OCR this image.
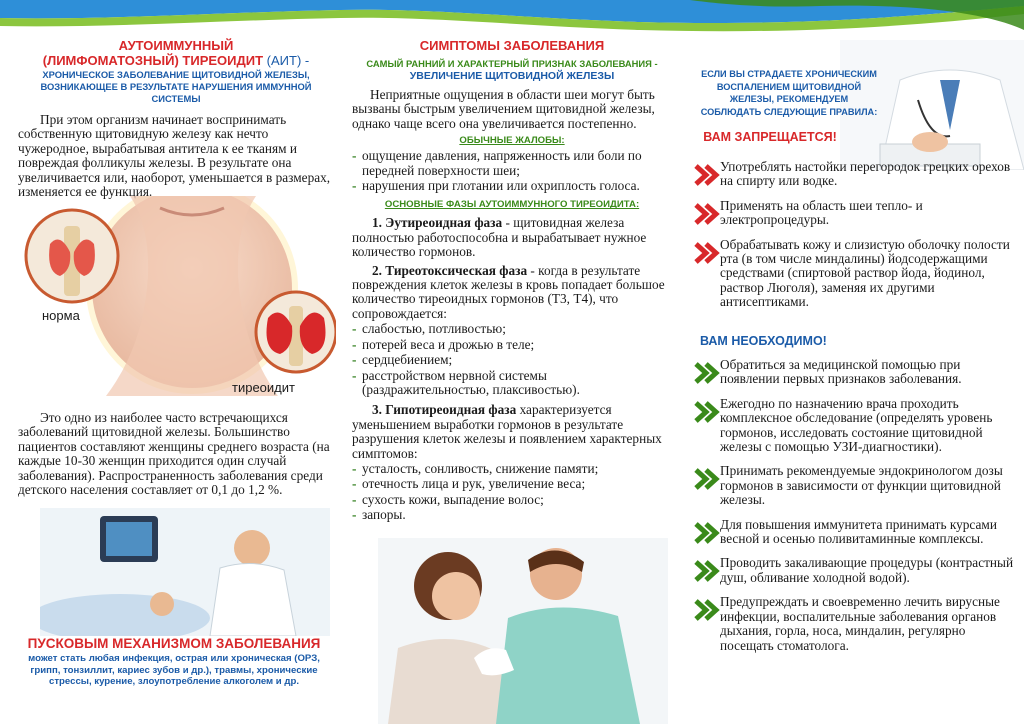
АУТОИММУННЫЙ
(ЛИМФОМАТОЗНЫЙ) ТИРЕОИДИТ (АИТ) -
ХРОНИЧЕСКОЕ ЗАБОЛЕВАНИЕ ЩИТОВИДНОЙ ЖЕЛЕЗЫ, ВОЗНИКАЮЩЕЕ В РЕЗУЛЬТАТЕ НАРУШЕНИЯ ИММУННОЙ СИСТЕМЫ

При этом организм начинает воспринимать собственную щитовидную железу как нечто чужеродное, вырабатывая антитела к ее тканям и повреждая фолликулы железы. В результате она увеличивается или, наоборот, уменьшается в размерах, изменяется ее функция.

норма
тиреоидит

Это одно из наиболее часто встречающихся заболеваний щитовидной железы. Большинство пациентов составляют женщины среднего возраста (на каждые 10-30 женщин приходится один случай заболевания). Распространенность заболевания среди детского населения составляет от 0,1 до 1,2 %.

ПУСКОВЫМ МЕХАНИЗМОМ ЗАБОЛЕВАНИЯ
может стать любая инфекция, острая или хроническая (ОРЗ, грипп, тонзиллит, кариес зубов и др.), травмы, хронические стрессы, курение, злоупотребление алкоголем и др.
СИМПТОМЫ ЗАБОЛЕВАНИЯ
САМЫЙ РАННИЙ И ХАРАКТЕРНЫЙ ПРИЗНАК ЗАБОЛЕВАНИЯ -
УВЕЛИЧЕНИЕ ЩИТОВИДНОЙ ЖЕЛЕЗЫ

Неприятные ощущения в области шеи могут быть вызваны быстрым увеличением щитовидной железы, однако чаще всего она увеличивается постепенно.

ОБЫЧНЫЕ ЖАЛОБЫ:
- ощущение давления, напряженность или боли по передней поверхности шеи;
- нарушения при глотании или охриплость голоса.
ОСНОВНЫЕ ФАЗЫ АУТОИММУННОГО ТИРЕОИДИТА:

1. Эутиреоидная фаза - щитовидная железа полностью работоспособна и вырабатывает нужное количество гормонов.

2. Тиреотоксическая фаза - когда в результате повреждения клеток железы в кровь попадает большое количество тиреоидных гормонов (Т3, Т4), что сопровождается:

- слабостью, потливостью;
- потерей веса и дрожью в теле;
- сердцебиением;
- расстройством нервной системы (раздражительностью, плаксивостью).

3. Гипотиреоидная фаза характеризуется уменьшением выработки гормонов в результате разрушения клеток железы и появлением характерных симптомов:

- усталость, сонливость, снижение памяти;
- отечность лица и рук, увеличение веса;
- сухость кожи, выпадение волос;
- запоры.
ЕСЛИ ВЫ СТРАДАЕТЕ ХРОНИЧЕСКИМ ВОСПАЛЕНИЕМ ЩИТОВИДНОЙ ЖЕЛЕЗЫ, РЕКОМЕНДУЕМ СОБЛЮДАТЬ СЛЕДУЮЩИЕ ПРАВИЛА:
ВАМ ЗАПРЕЩАЕТСЯ!
Употреблять настойки перегородок грецких орехов на спирту или водке.
Применять на область шеи тепло- и электропроцедуры.
Обрабатывать кожу и слизистую оболочку полости рта (в том числе миндалины) йодсодержащими средствами (спиртовой раствор йода, йодинол, раствор Люголя), заменяя их другими антисептиками.
ВАМ НЕОБХОДИМО!
Обратиться за медицинской помощью при появлении первых признаков заболевания.
Ежегодно по назначению врача проходить комплексное обследование (определять уровень гормонов, исследовать состояние щитовидной железы с помощью УЗИ-диагностики).
Принимать рекомендуемые эндокринологом дозы гормонов в зависимости от функции щитовидной железы.
Для повышения иммунитета принимать курсами весной и осенью поливитаминные комплексы.
Проводить закаливающие процедуры (контрастный душ, обливание холодной водой).
Предупреждать и своевременно лечить вирусные инфекции, воспалительные заболевания органов дыхания, горла, носа, миндалин, регулярно посещать стоматолога.
